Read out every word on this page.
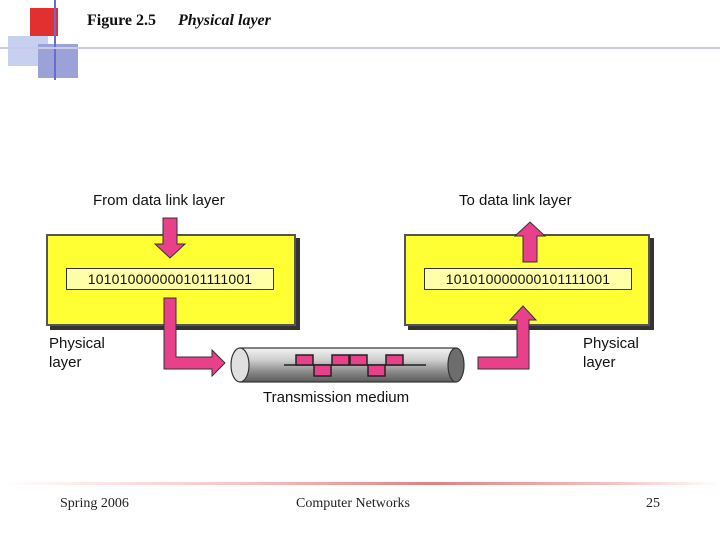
Figure 2.5 Physical layer
From data link layer	To data link layer
101010000000101111001	101010000000101111001
Physical
layer
Physical
layer
Transmission medium
Spring 2006	Computer Networks	25
